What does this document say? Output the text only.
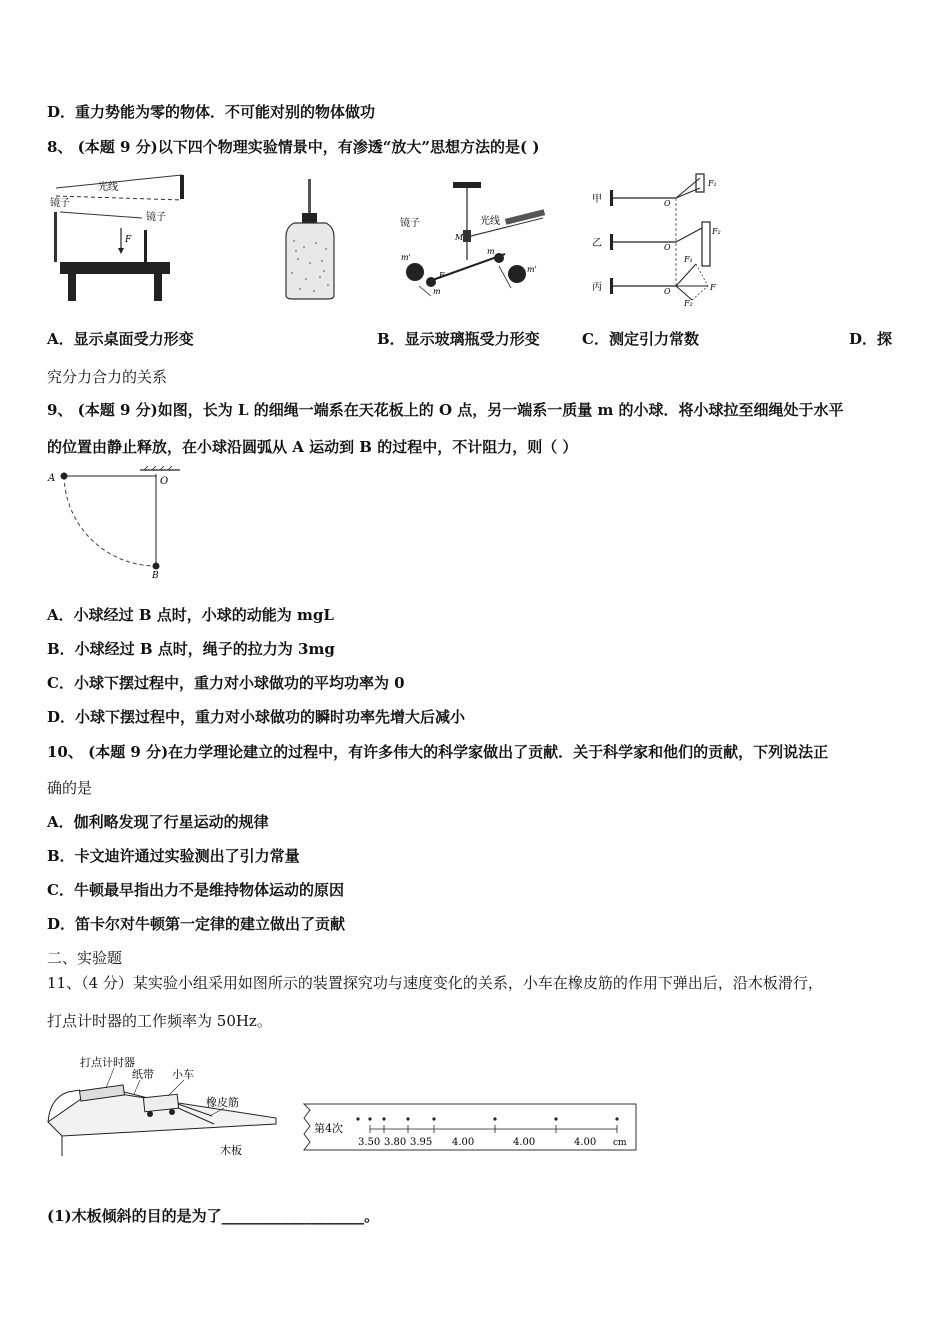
D．重力势能为零的物体．不可能对别的物体做功
8、 (本题 9 分)以下四个物理实验情景中，有渗透“放大”思想方法的是( )
镜子
光线
镜子
F
镜子	光线
M
m'
m
m
m'
F
甲
乙
丙
O
O
O
F₁
F₂
F₁
F
F₂
A．显示桌面受力形变	B．显示玻璃瓶受力形变	C．测定引力常数	D．探
究分力合力的关系
9、 (本题 9 分)如图，长为 L 的细绳一端系在天花板上的 O 点，另一端系一质量 m 的小球．将小球拉至细绳处于水平
的位置由静止释放，在小球沿圆弧从 A 运动到 B 的过程中，不计阻力，则（ ）
A	O
B
A．小球经过 B 点时，小球的动能为 mgL
B．小球经过 B 点时，绳子的拉力为 3mg
C．小球下摆过程中，重力对小球做功的平均功率为 0
D．小球下摆过程中，重力对小球做功的瞬时功率先增大后减小
10、 (本题 9 分)在力学理论建立的过程中，有许多伟大的科学家做出了贡献．关于科学家和他们的贡献，下列说法正
确的是
A．伽利略发现了行星运动的规律
B．卡文迪许通过实验测出了引力常量
C．牛顿最早指出力不是维持物体运动的原因
D．笛卡尔对牛顿第一定律的建立做出了贡献
二、实验题
11、（4 分）某实验小组采用如图所示的装置探究功与速度变化的关系，小车在橡皮筋的作用下弹出后，沿木板滑行，
打点计时器的工作频率为 50Hz。
打点计时器
纸带 小车
橡皮筋
木板
第4次
3.50 3.80 3.95 4.00	4.00	4.00 cm
(1)木板倾斜的目的是为了___________________。
